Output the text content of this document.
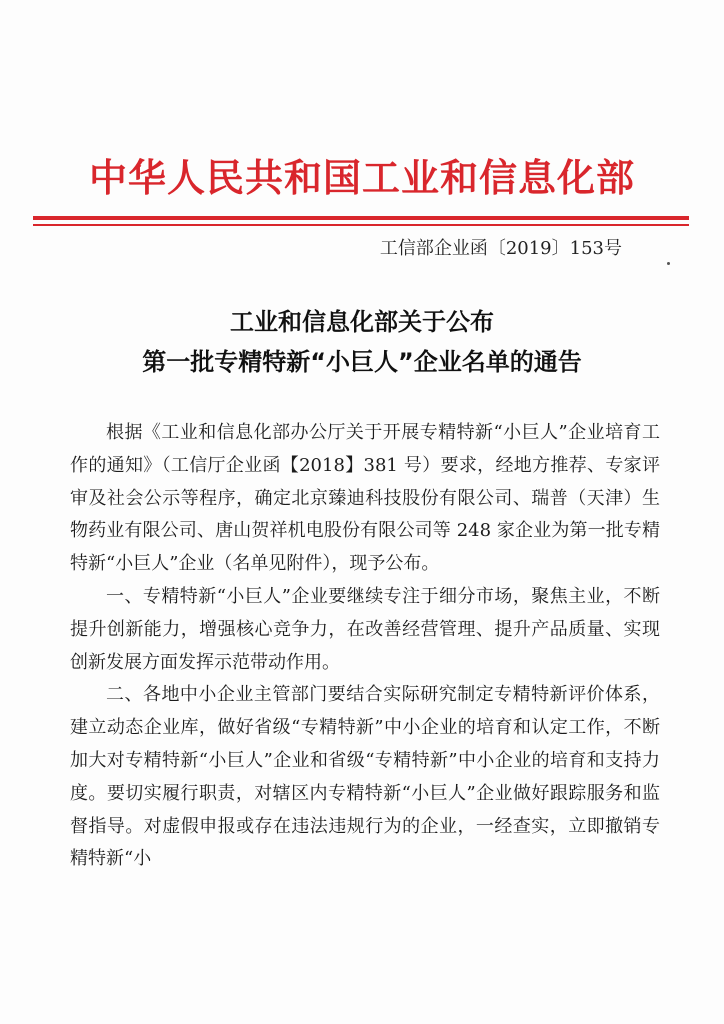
中华人民共和国工业和信息化部
工信部企业函〔2019〕153号
工业和信息化部关于公布
第一批专精特新“小巨人”企业名单的通告

根据《工业和信息化部办公厅关于开展专精特新“小巨人”企业培育工作的通知》（工信厅企业函【2018】381 号）要求，经地方推荐、专家评审及社会公示等程序，确定北京臻迪科技股份有限公司、瑞普（天津）生物药业有限公司、唐山贺祥机电股份有限公司等 248 家企业为第一批专精特新“小巨人”企业（名单见附件），现予公布。

一、专精特新“小巨人”企业要继续专注于细分市场，聚焦主业，不断提升创新能力，增强核心竞争力，在改善经营管理、提升产品质量、实现创新发展方面发挥示范带动作用。

二、各地中小企业主管部门要结合实际研究制定专精特新评价体系，建立动态企业库，做好省级“专精特新”中小企业的培育和认定工作，不断加大对专精特新“小巨人”企业和省级“专精特新”中小企业的培育和支持力度。要切实履行职责，对辖区内专精特新“小巨人”企业做好跟踪服务和监督指导。对虚假申报或存在违法违规行为的企业，一经查实，立即撤销专精特新“小
